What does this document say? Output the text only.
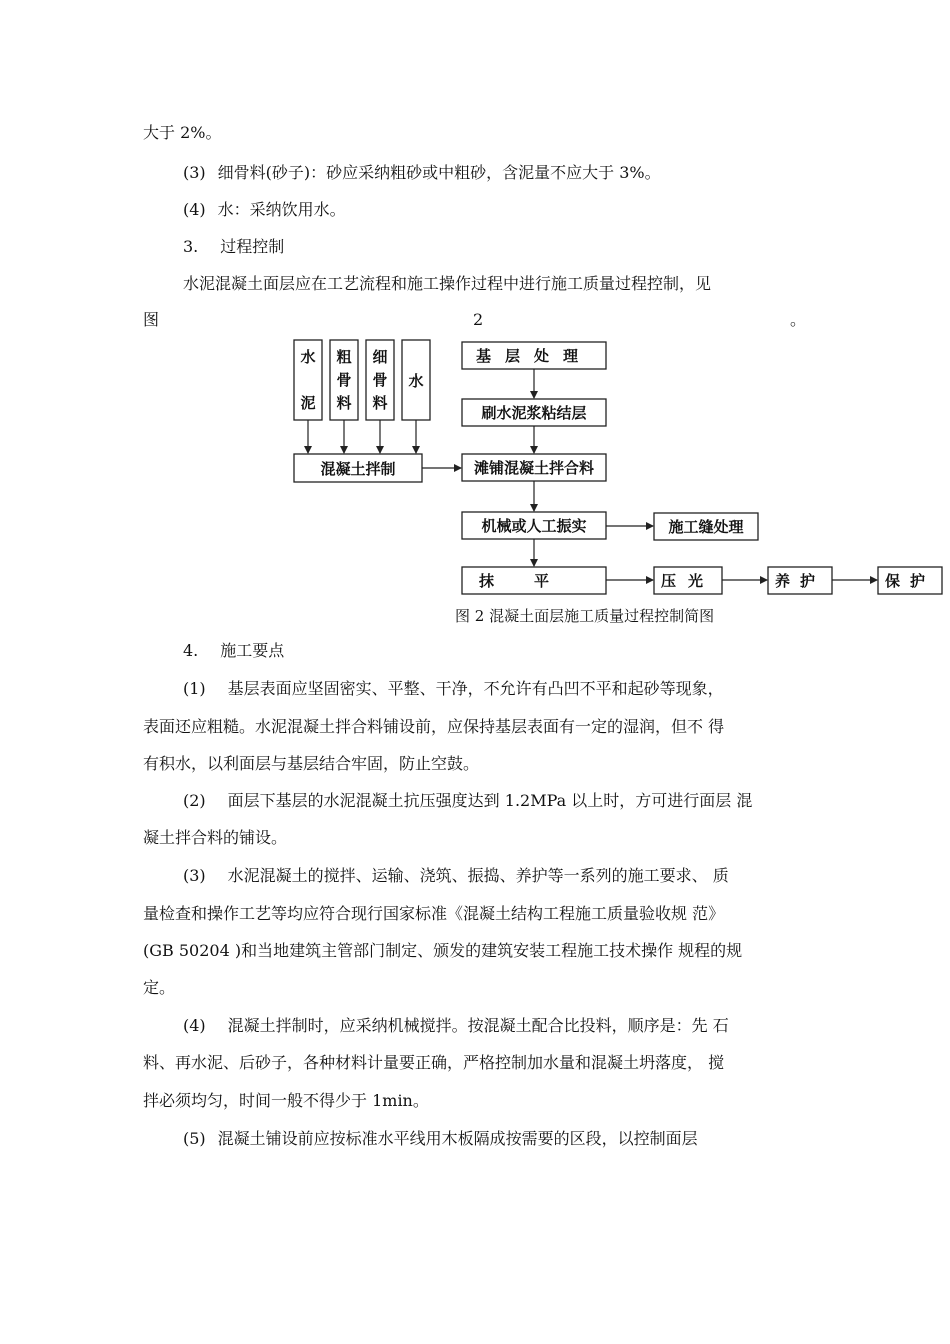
大于 2%。
(3) 细骨料(砂子)：砂应采纳粗砂或中粗砂，含泥量不应大于 3%。
(4) 水：采纳饮用水。
3. 过程控制
水泥混凝土面层应在工艺流程和施工操作过程中进行施工质量过程控制，见
图	2	。
水
泥
粗
骨
料
细
骨
料
水
混凝土拌制
基层处理
刷水泥浆粘结层
滩铺混凝土拌合料
机械或人工振实	施工缝处理
抹平	压光	养护	保护
图 2 混凝土面层施工质量过程控制简图
4. 施工要点
(1) 基层表面应坚固密实、平整、干净，不允许有凸凹不平和起砂等现象，
表面还应粗糙。水泥混凝土拌合料铺设前，应保持基层表面有一定的湿润，但不 得
有积水，以利面层与基层结合牢固，防止空鼓。
(2) 面层下基层的水泥混凝土抗压强度达到 1.2MPa 以上时，方可进行面层 混
凝土拌合料的铺设。
(3) 水泥混凝土的搅拌、运输、浇筑、振捣、养护等一系列的施工要求、 质
量检查和操作工艺等均应符合现行国家标准《混凝土结构工程施工质量验收规 范》
(GB 50204 )和当地建筑主管部门制定、颁发的建筑安装工程施工技术操作 规程的规
定。
(4) 混凝土拌制时，应采纳机械搅拌。按混凝土配合比投料，顺序是：先 石
料、再水泥、后砂子，各种材料计量要正确，严格控制加水量和混凝土坍落度， 搅
拌必须均匀，时间一般不得少于 1min。
(5) 混凝土铺设前应按标准水平线用木板隔成按需要的区段，以控制面层
